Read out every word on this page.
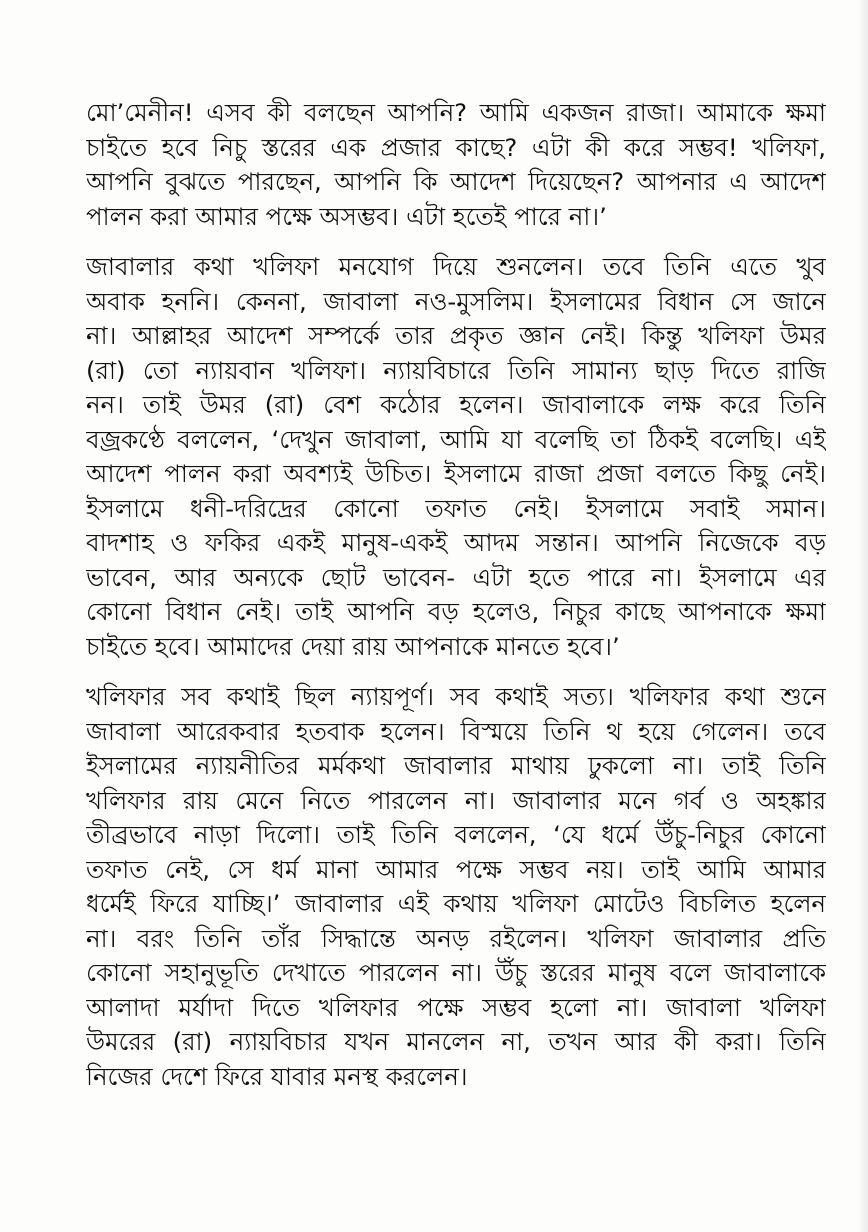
মো’মেনীন! এসব কী বলছেন আপনি? আমি একজন রাজা। আমাকে ক্ষমা
চাইতে হবে নিচু স্তরের এক প্রজার কাছে? এটা কী করে সম্ভব! খলিফা,
আপনি বুঝতে পারছেন, আপনি কি আদেশ দিয়েছেন? আপনার এ আদেশ
পালন করা আমার পক্ষে অসম্ভব। এটা হতেই পারে না।’

জাবালার কথা খলিফা মনযোগ দিয়ে শুনলেন। তবে তিনি এতে খুব
অবাক হননি। কেননা, জাবালা নও-মুসলিম। ইসলামের বিধান সে জানে
না। আল্লাহর আদেশ সম্পর্কে তার প্রকৃত জ্ঞান নেই। কিন্তু খলিফা উমর
(রা) তো ন্যায়বান খলিফা। ন্যায়বিচারে তিনি সামান্য ছাড় দিতে রাজি
নন। তাই উমর (রা) বেশ কঠোর হলেন। জাবালাকে লক্ষ করে তিনি
বজ্রকণ্ঠে বললেন, ‘দেখুন জাবালা, আমি যা বলেছি তা ঠিকই বলেছি। এই
আদেশ পালন করা অবশ্যই উচিত। ইসলামে রাজা প্রজা বলতে কিছু নেই।
ইসলামে ধনী-দরিদ্রের কোনো তফাত নেই। ইসলামে সবাই সমান।
বাদশাহ ও ফকির একই মানুষ-একই আদম সন্তান। আপনি নিজেকে বড়
ভাবেন, আর অন্যকে ছোট ভাবেন- এটা হতে পারে না। ইসলামে এর
কোনো বিধান নেই। তাই আপনি বড় হলেও, নিচুর কাছে আপনাকে ক্ষমা
চাইতে হবে। আমাদের দেয়া রায় আপনাকে মানতে হবে।’

খলিফার সব কথাই ছিল ন্যায়পূর্ণ। সব কথাই সত্য। খলিফার কথা শুনে
জাবালা আরেকবার হতবাক হলেন। বিস্ময়ে তিনি থ হয়ে গেলেন। তবে
ইসলামের ন্যায়নীতির মর্মকথা জাবালার মাথায় ঢুকলো না। তাই তিনি
খলিফার রায় মেনে নিতে পারলেন না। জাবালার মনে গর্ব ও অহঙ্কার
তীব্রভাবে নাড়া দিলো। তাই তিনি বললেন, ‘যে ধর্মে উঁচু-নিচুর কোনো
তফাত নেই, সে ধর্ম মানা আমার পক্ষে সম্ভব নয়। তাই আমি আমার
ধর্মেই ফিরে যাচ্ছি।’ জাবালার এই কথায় খলিফা মোটেও বিচলিত হলেন
না। বরং তিনি তাঁর সিদ্ধান্তে অনড় রইলেন। খলিফা জাবালার প্রতি
কোনো সহানুভূতি দেখাতে পারলেন না। উঁচু স্তরের মানুষ বলে জাবালাকে
আলাদা মর্যাদা দিতে খলিফার পক্ষে সম্ভব হলো না। জাবালা খলিফা
উমরের (রা) ন্যায়বিচার যখন মানলেন না, তখন আর কী করা। তিনি
নিজের দেশে ফিরে যাবার মনস্থ করলেন।
